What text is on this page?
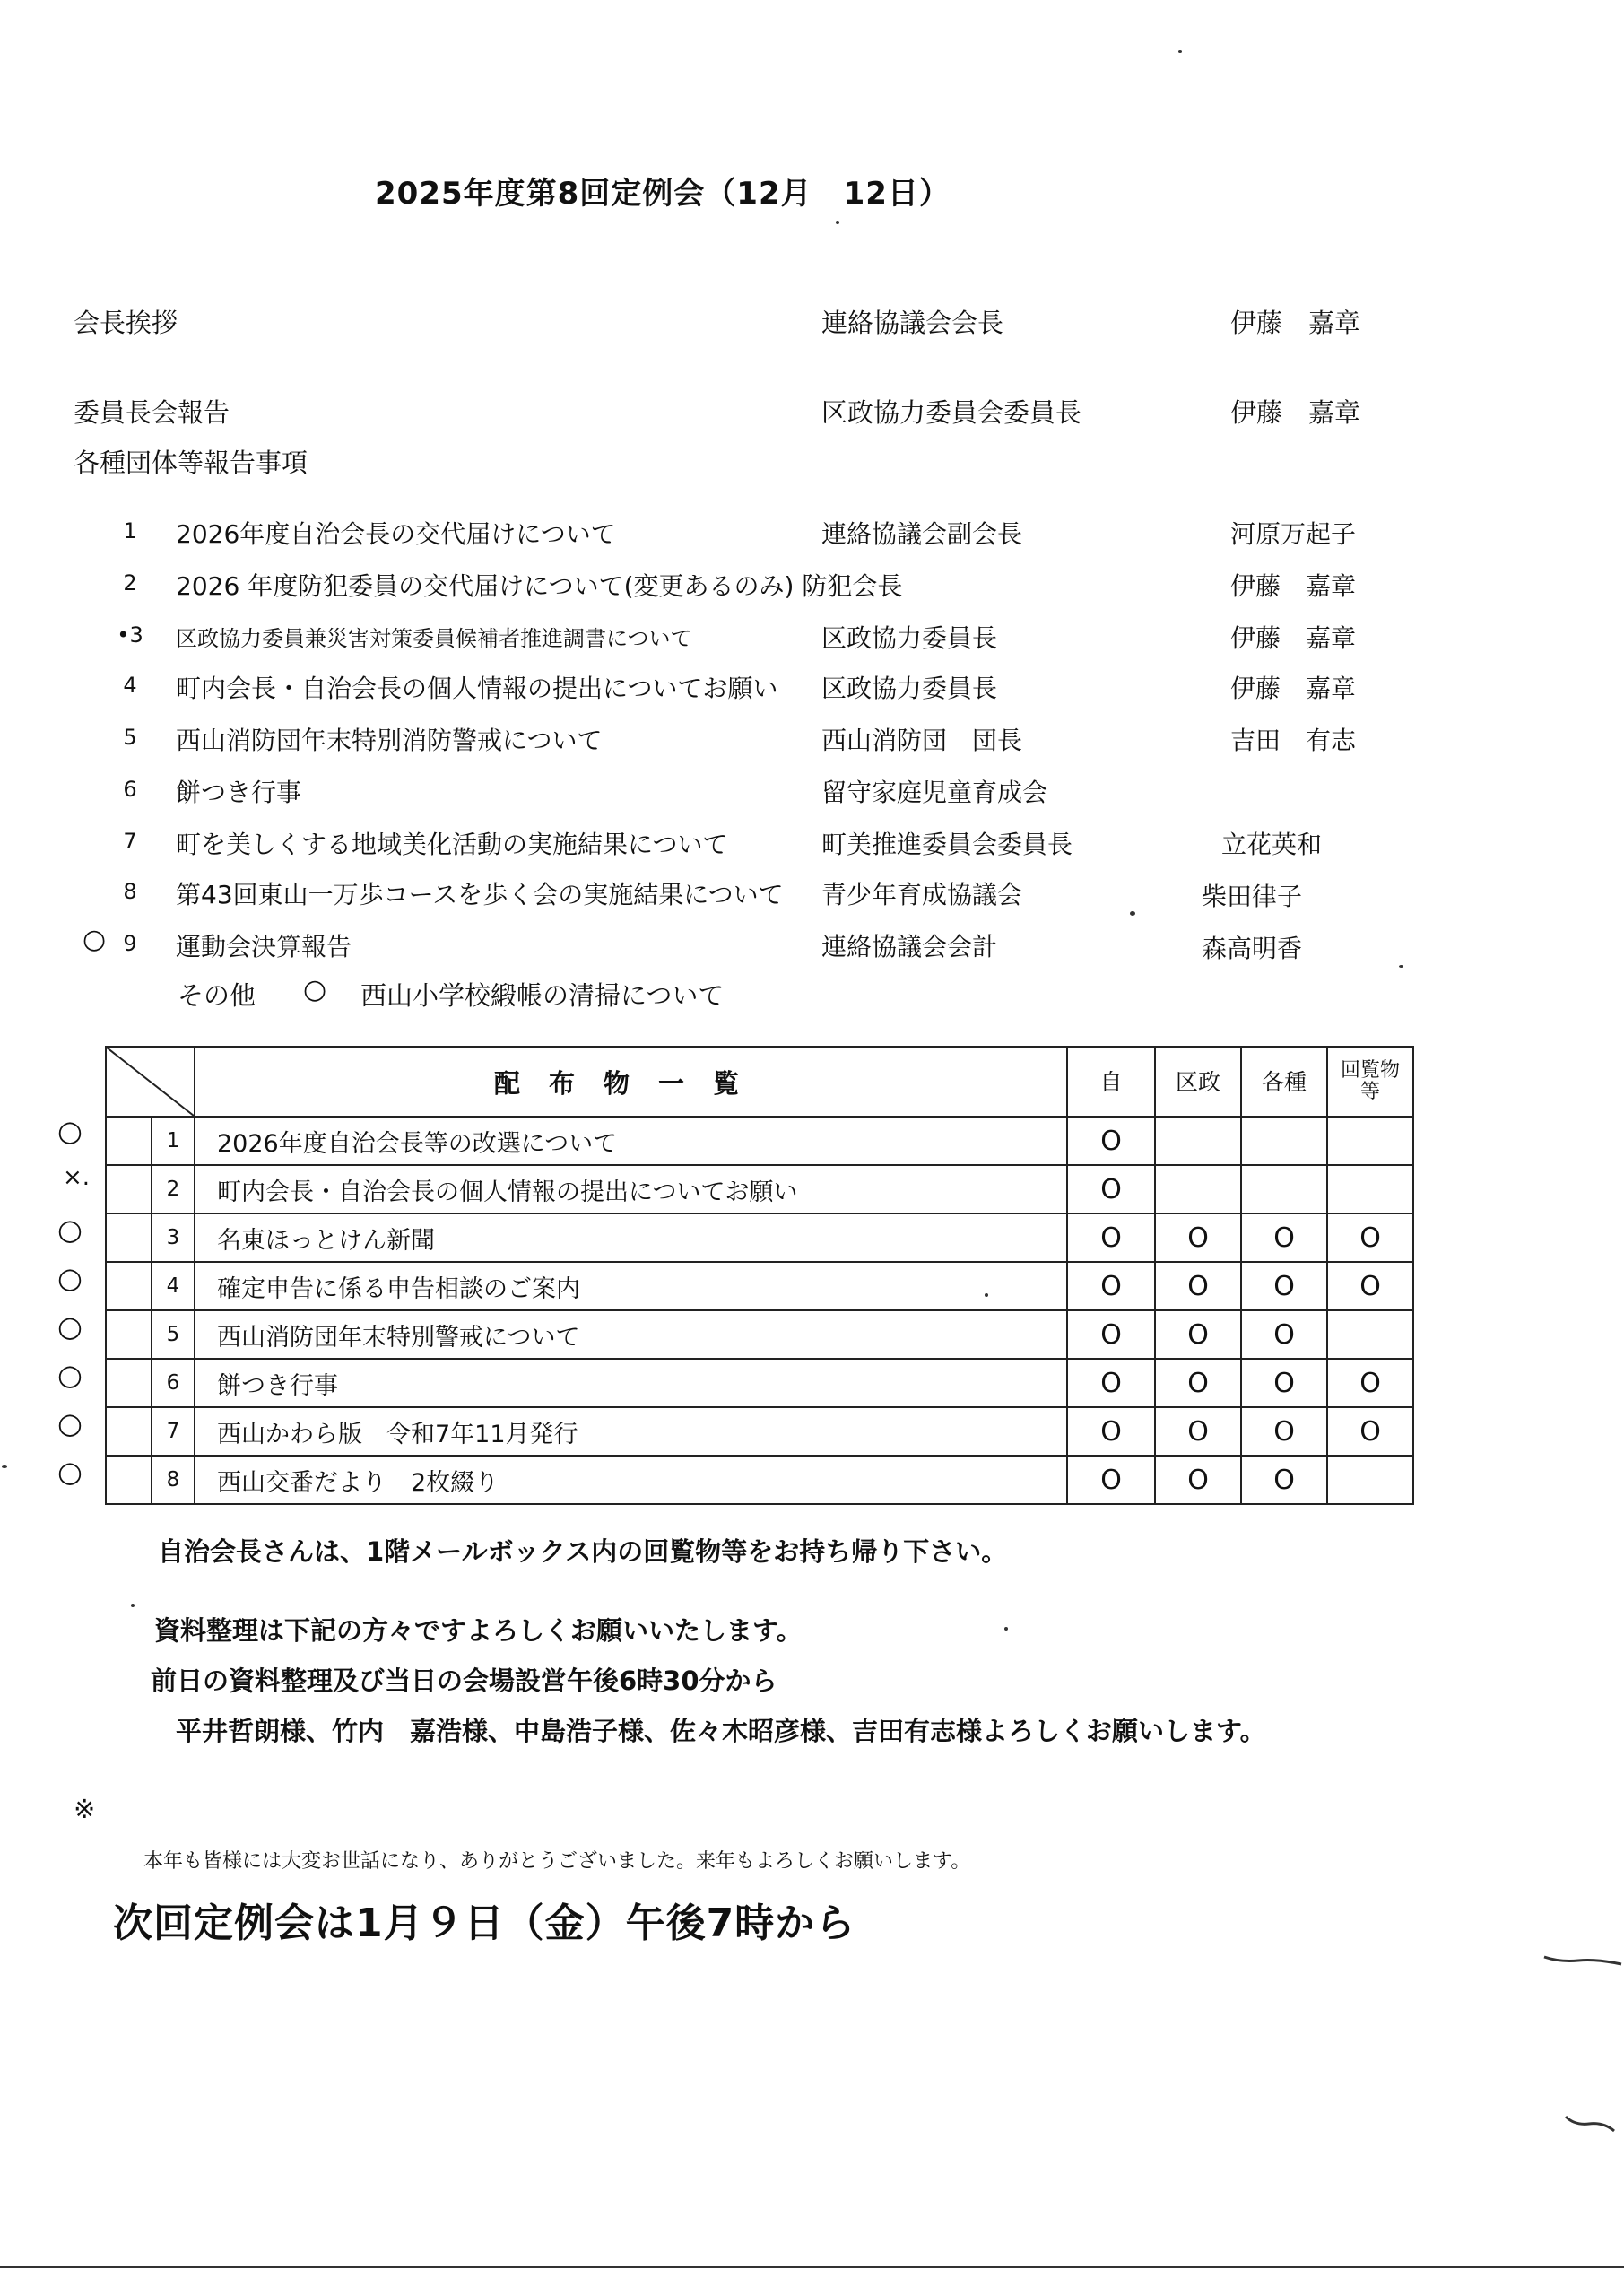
2025年度第8回定例会（12月　12日）
会長挨拶	連絡協議会会長	伊藤　嘉章
委員長会報告	区政協力委員会委員長	伊藤　嘉章
各種団体等報告事項
1	2026年度自治会長の交代届けについて	連絡協議会副会長	河原万起子
2	2026 年度防犯委員の交代届けについて(変更あるのみ) 防犯会長	伊藤　嘉章
•3 区政協力委員兼災害対策委員候補者推進調書について	区政協力委員長	伊藤　嘉章
4	町内会長・自治会長の個人情報の提出についてお願い 区政協力委員長	伊藤　嘉章
5	西山消防団年末特別消防警戒について	西山消防団　団長	吉田　有志
6	餅つき行事	留守家庭児童育成会
7	町を美しくする地域美化活動の実施結果について	町美推進委員会委員長	立花英和
8	第43回東山一万歩コースを歩く会の実施結果について 青少年育成協議会	柴田律子
○ 9	運動会決算報告	連絡協議会会計	森高明香
その他 ○ 西山小学校緞帳の清掃について
	配布物一覧	自	区政	各種	回覧物等

1	2026年度自治会長等の改選について	O			

2	町内会長・自治会長の個人情報の提出についてお願い	O			

3	名東ほっとけん新聞	O	O	O	O

4	確定申告に係る申告相談のご案内	O	O	O	O

5	西山消防団年末特別警戒について	O	O	O	

6	餅つき行事	O	O	O	O

7	西山かわら版　令和7年11月発行	O	O	O	O

8	西山交番だより　2枚綴り	O	O	O	
○
×.
○
○
○
○
○
○
自治会長さんは、1階メールボックス内の回覧物等をお持ち帰り下さい。
資料整理は下記の方々ですよろしくお願いいたします。
前日の資料整理及び当日の会場設営午後6時30分から
平井哲朗様、竹内　嘉浩様、中島浩子様、佐々木昭彦様、吉田有志様よろしくお願いします。
※
本年も皆様には大変お世話になり、ありがとうございました。来年もよろしくお願いします。
次回定例会は1月９日（金）午後7時から
